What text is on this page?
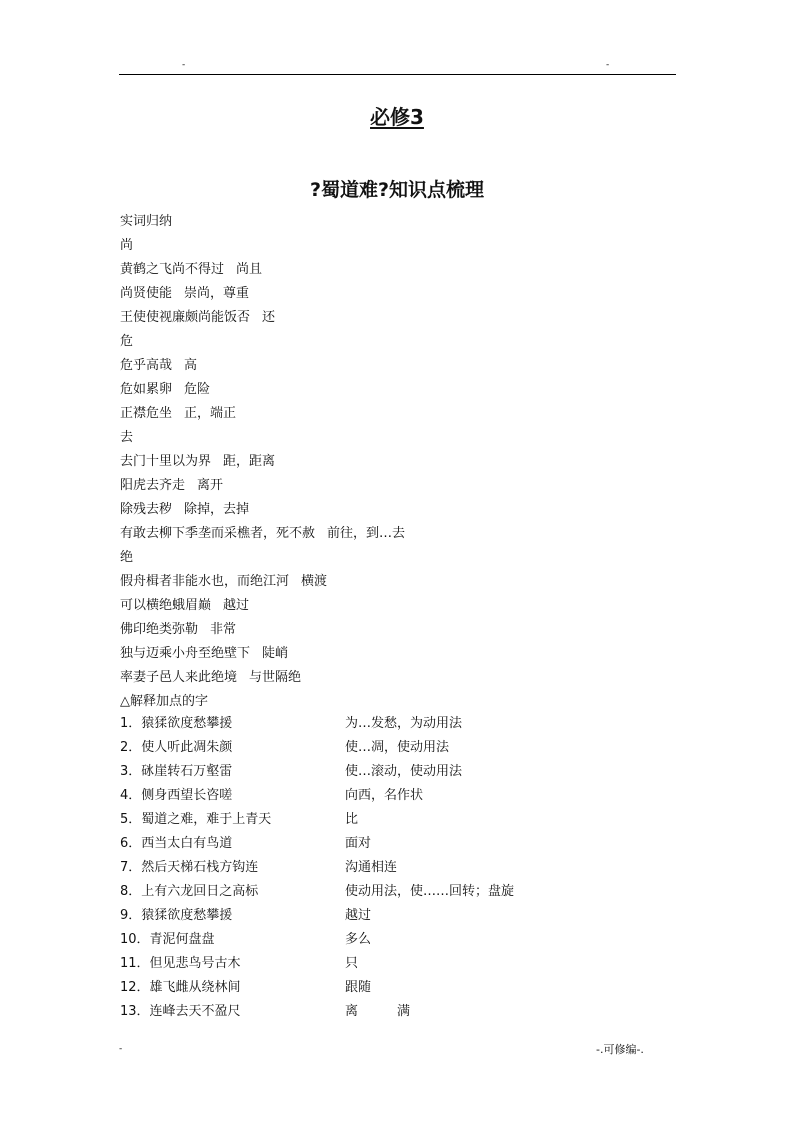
-	-
必修3
?蜀道难?知识点梳理
实词归纳
尚
黄鹤之飞尚不得过 尚且
尚贤使能 崇尚，尊重
王使使视廉颇尚能饭否 还
危
危乎高哉 高
危如累卵 危险
正襟危坐 正，端正
去
去门十里以为界 距，距离
阳虎去齐走 离开
除残去秽 除掉，去掉
有敢去柳下季垄而采樵者，死不赦 前往，到…去
绝
假舟楫者非能水也，而绝江河 横渡
可以横绝蛾眉巅 越过
佛印绝类弥勒 非常
独与迈乘小舟至绝壁下 陡峭
率妻子邑人来此绝境 与世隔绝
△解释加点的字
1．猿猱欲度愁攀援	为…发愁，为动用法
2．使人听此凋朱颜	使…凋，使动用法
3．砯崖转石万壑雷	使…滚动，使动用法
4．侧身西望长咨嗟	向西，名作状
5．蜀道之难，难于上青天	比
6．西当太白有鸟道	面对
7．然后天梯石栈方钩连	沟通相连
8．上有六龙回日之高标	使动用法，使……回转；盘旋
9．猿猱欲度愁攀援	越过
10．青泥何盘盘	多么
11．但见悲鸟号古木	只
12．雄飞雌从绕林间	跟随
13．连峰去天不盈尺	离　　　满
-	-.可修编-.
